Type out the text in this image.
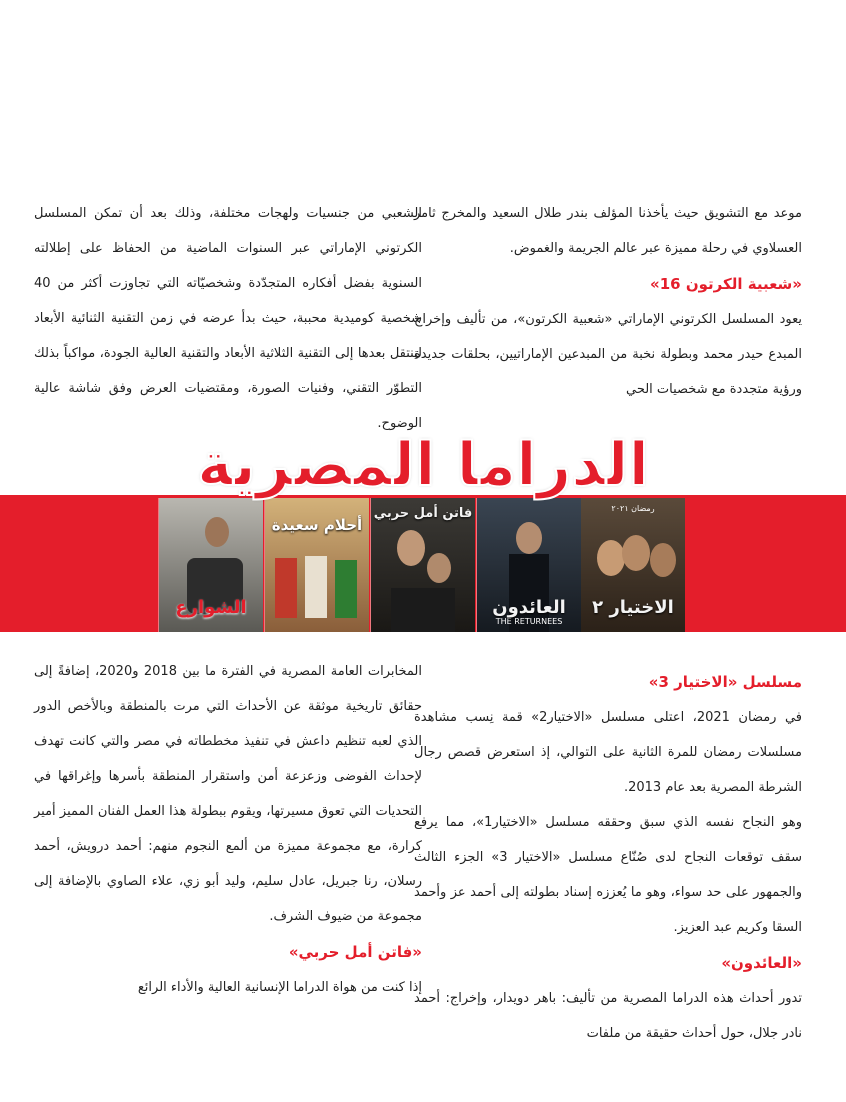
موعد مع التشويق حيث يأخذنا المؤلف بندر طلال السعيد والمخرج ثامر العسلاوي في رحلة مميزة عبر عالم الجريمة والغموض.

«شعبية الكرتون 16»

يعود المسلسل الكرتوني الإماراتي «شعبية الكرتون»، من تأليف وإخراج المبدع حيدر محمد وبطولة نخبة من المبدعين الإماراتيين، بحلقات جديدة ورؤية متجددة مع شخصيات الحي

الشعبي من جنسيات ولهجات مختلفة، وذلك بعد أن تمكن المسلسل الكرتوني الإماراتي عبر السنوات الماضية من الحفاظ على إطلالته السنوية بفضل أفكاره المتجدّدة وشخصيّاته التي تجاوزت أكثر من 40 شخصية كوميدية محببة، حيث بدأ عرضه في زمن التقنية الثنائية الأبعاد لينتقل بعدها إلى التقنية الثلاثية الأبعاد والتقنية العالية الجودة، مواكباً بذلك التطوّر التقني، وفنيات الصورة، ومقتضيات العرض وفق شاشة عالية الوضوح.

رمضان ٢٠٢١
الاختيار ٢
THE RETURNEES
العائدون
فاتن أمل حربي
أحلام سعيدة
الشوارع
الدراما المصرية
مسلسل «الاختيار 3»

في رمضان 2021، اعتلى مسلسل «الاختيار2» قمة نِسب مشاهدة مسلسلات رمضان للمرة الثانية على التوالي، إذ استعرض قصص رجال الشرطة المصرية بعد عام 2013.

وهو النجاح نفسه الذي سبق وحققه مسلسل «الاختيار1»، مما يرفع سقف توقعات النجاح لدى صُنّاع مسلسل «الاختيار 3» الجزء الثالث والجمهور على حد سواء، وهو ما يُعززه إسناد بطولته إلى أحمد عز وأحمد السقا وكريم عبد العزيز.

«العائدون»

تدور أحداث هذه الدراما المصرية من تأليف: باهر دويدار، وإخراج: أحمد نادر جلال، حول أحداث حقيقة من ملفات

المخابرات العامة المصرية في الفترة ما بين 2018 و2020، إضافةً إلى حقائق تاريخية موثقة عن الأحداث التي مرت بالمنطقة وبالأخص الدور الذي لعبه تنظيم داعش في تنفيذ مخططاته في مصر والتي كانت تهدف لإحداث الفوضى وزعزعة أمن واستقرار المنطقة بأسرها وإغراقها في التحديات التي تعوق مسيرتها، ويقوم ببطولة هذا العمل الفنان المميز أمير كرارة، مع مجموعة مميزة من ألمع النجوم منهم: أحمد درويش، أحمد رسلان، رنا جبريل، عادل سليم، وليد أبو زي، علاء الصاوي بالإضافة إلى مجموعة من ضيوف الشرف.

«فاتن أمل حربي»

إذا كنت من هواة الدراما الإنسانية العالية والأداء الرائع
